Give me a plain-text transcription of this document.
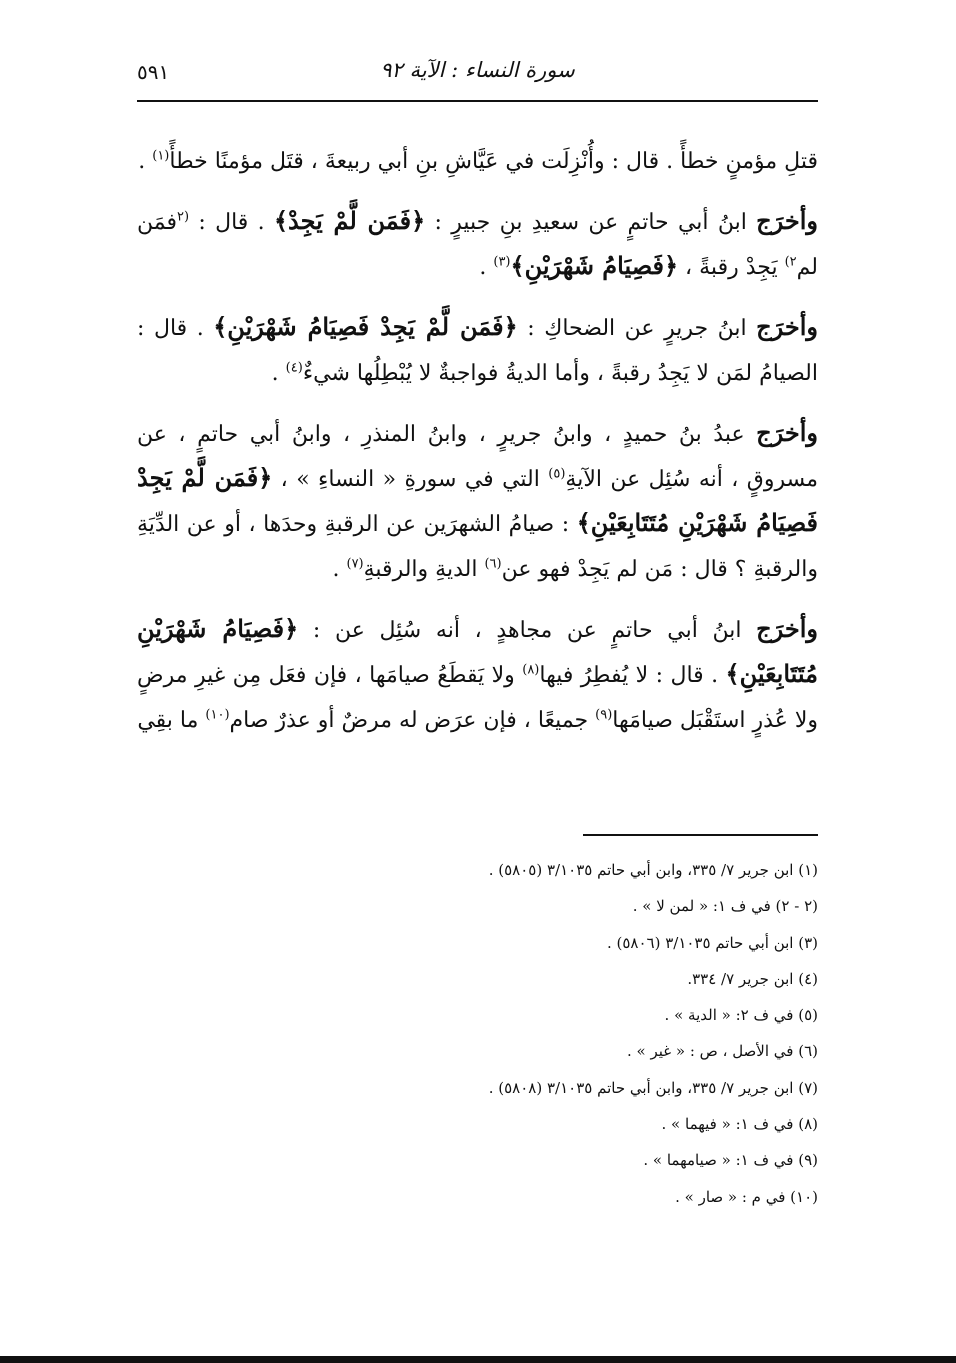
سورة النساء : الآية ٩٢
٥٩١

قتلِ مؤمنٍ خطأً . قال : وأُنْزِلَت في عَيَّاشِ بنِ أبي ربيعةَ ، قتَل مؤمنًا خطأً$^{(١)}$ .

وأخرَج ابنُ أبي حاتمٍ عن سعيدِ بنِ جبيرٍ : ﴿فَمَن لَّمْ يَجِدْ﴾ . قال : $^{(٢}$فمَن لم$^{٢)}$ يَجِدْ رقبةً ، ﴿فَصِيَامُ شَهْرَيْنِ﴾$^{(٣)}$ .

وأخرَج ابنُ جريرٍ عن الضحاكِ : ﴿فَمَن لَّمْ يَجِدْ فَصِيَامُ شَهْرَيْنِ﴾ . قال : الصيامُ لمَن لا يَجِدُ رقبةً ، وأما الديةُ فواجبةٌ لا يُبْطِلُها شيءٌ$^{(٤)}$ .

وأخرَج عبدُ بنُ حميدٍ ، وابنُ جريرٍ ، وابنُ المنذرِ ، وابنُ أبي حاتمٍ ، عن مسروقٍ ، أنه سُئِل عن الآيةِ$^{(٥)}$ التي في سورةِ « النساءِ » ، ﴿فَمَن لَّمْ يَجِدْ فَصِيَامُ شَهْرَيْنِ مُتَتَابِعَيْنِ﴾ : صيامُ الشهرَين عن الرقبةِ وحدَها ، أو عن الدِّيَةِ والرقبةِ ؟ قال : مَن لم يَجِدْ فهو عن$^{(٦)}$ الديةِ والرقبةِ$^{(٧)}$ .

وأخرَج ابنُ أبي حاتمٍ عن مجاهدٍ ، أنه سُئِل عن : ﴿فَصِيَامُ شَهْرَيْنِ مُتَتَابِعَيْنِ﴾ . قال : لا يُفطِرُ فيها$^{(٨)}$ ولا يَقطَعُ صيامَها ، فإن فعَل مِن غيرِ مرضٍ ولا عُذرٍ استَقْبَل صيامَها$^{(٩)}$ جميعًا ، فإن عرَض له مرضٌ أو عذرٌ صام$^{(١٠)}$ ما بقِي

(١) ابن جرير ٧/ ٣٣٥، وابن أبي حاتم ٣/١٠٣٥ (٥٨٠٥) .
(٢ - ٢) في ف ١: « لمن لا » .
(٣) ابن أبي حاتم ٣/١٠٣٥ (٥٨٠٦) .
(٤) ابن جرير ٧/ ٣٣٤.
(٥) في ف ٢: « الدية » .
(٦) في الأصل ، ص : « غير » .
(٧) ابن جرير ٧/ ٣٣٥، وابن أبي حاتم ٣/١٠٣٥ (٥٨٠٨) .
(٨) في ف ١: « فيهما » .
(٩) في ف ١: « صيامهما » .
(١٠) في م : « صار » .
